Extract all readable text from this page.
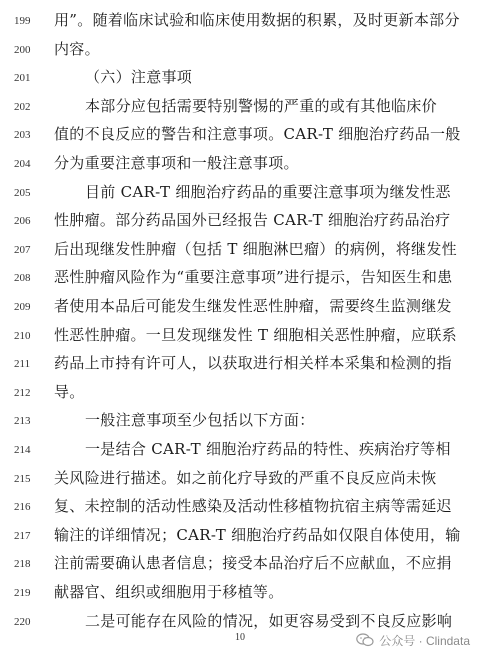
199	用”。随着临床试验和临床使用数据的积累，及时更新本部分
200	内容。
201	（六）注意事项
202	本部分应包括需要特别警惕的严重的或有其他临床价
203	值的不良反应的警告和注意事项。CAR-T 细胞治疗药品一般
204	分为重要注意事项和一般注意事项。
205	目前 CAR-T 细胞治疗药品的重要注意事项为继发性恶
206	性肿瘤。部分药品国外已经报告 CAR-T 细胞治疗药品治疗
207	后出现继发性肿瘤（包括 T 细胞淋巴瘤）的病例，将继发性
208	恶性肿瘤风险作为“重要注意事项”进行提示，告知医生和患
209	者使用本品后可能发生继发性恶性肿瘤，需要终生监测继发
210	性恶性肿瘤。一旦发现继发性 T 细胞相关恶性肿瘤，应联系
211	药品上市持有许可人，以获取进行相关样本采集和检测的指
212	导。
213	一般注意事项至少包括以下方面：
214	一是结合 CAR-T 细胞治疗药品的特性、疾病治疗等相
215	关风险进行描述。如之前化疗导致的严重不良反应尚未恢
216	复、未控制的活动性感染及活动性移植物抗宿主病等需延迟
217	输注的详细情况；CAR-T 细胞治疗药品如仅限自体使用，输
218	注前需要确认患者信息；接受本品治疗后不应献血，不应捐
219	献器官、组织或细胞用于移植等。
220	二是可能存在风险的情况，如更容易受到不良反应影响
10	公众号 · Clindata
